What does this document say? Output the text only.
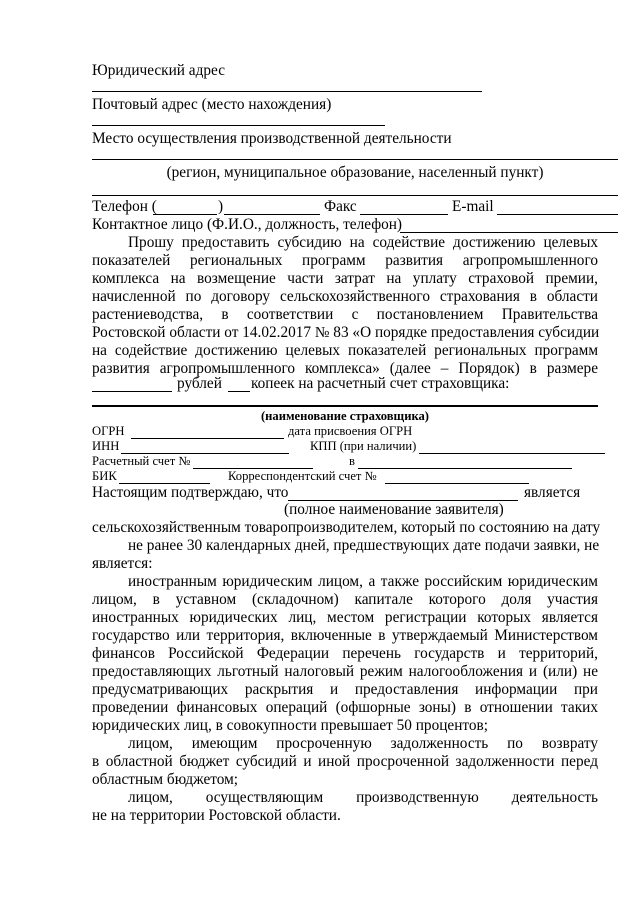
Юридический адрес
Почтовый адрес (место нахождения)
Место осуществления производственной деятельности
(регион, муниципальное образование, населенный пункт)
Телефон (	)	Факс	E-mail
Контактное лицо (Ф.И.О., должность, телефон)
Прошу предоставить субсидию на содействие достижению целевых
показателей региональных программ развития агропромышленного
комплекса на возмещение части затрат на уплату страховой премии,
начисленной по договору сельскохозяйственного страхования в области
растениеводства, в соответствии с постановлением Правительства
Ростовской области от 14.02.2017 № 83 «О порядке предоставления субсидии
на содействие достижению целевых показателей региональных программ
развития агропромышленного комплекса» (далее – Порядок) в размере
рублей копеек на расчетный счет страховщика:
(наименование страховщика)
ОГРН	дата присвоения ОГРН
ИНН	КПП (при наличии)
Расчетный счет №	в
БИК	Корреспондентский счет №
Настоящим подтверждаю, что	является
(полное наименование заявителя)
сельскохозяйственным товаропроизводителем, который по состоянию на дату
не ранее 30 календарных дней, предшествующих дате подачи заявки, не
является:
иностранным юридическим лицом, а также российским юридическим
лицом, в уставном (складочном) капитале которого доля участия
иностранных юридических лиц, местом регистрации которых является
государство или территория, включенные в утверждаемый Министерством
финансов Российской Федерации перечень государств и территорий,
предоставляющих льготный налоговый режим налогообложения и (или) не
предусматривающих раскрытия и предоставления информации при
проведении финансовых операций (офшорные зоны) в отношении таких
юридических лиц, в совокупности превышает 50 процентов;
лицом, имеющим просроченную задолженность по возврату
в областной бюджет субсидий и иной просроченной задолженности перед
областным бюджетом;
лицом, осуществляющим производственную деятельность
не на территории Ростовской области.
